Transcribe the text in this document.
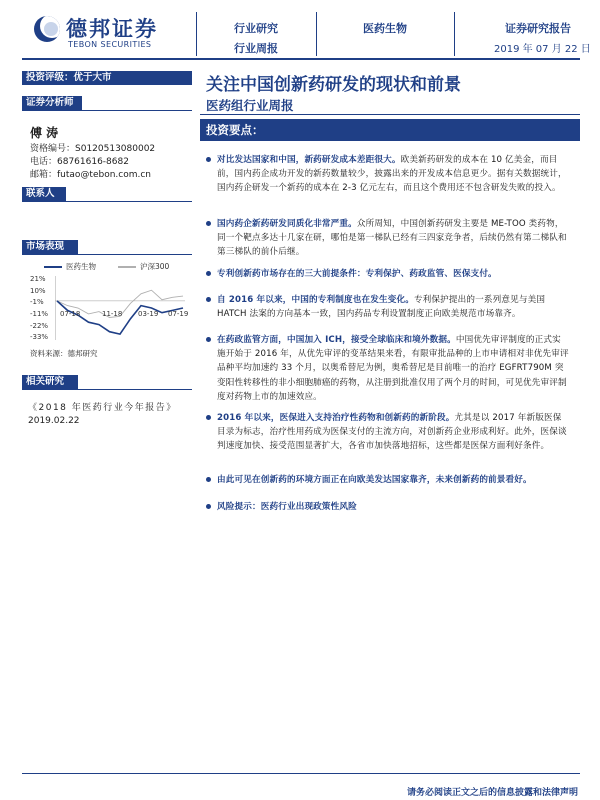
德邦证券
TEBON SECURITIES
行业研究
行业周报
医药生物	证券研究报告
2019 年 07 月 22 日
投资评级：优于大市
证券分析师
傅 涛
资格编号：S0120513080002
电话：68761616-8682
邮箱：futao@tebon.com.cn
联系人
市场表现
医药生物	沪深300
21%
10%
-1%
-11%
-22%
-33%
07-18	11-18 03-19 07-19
资料来源：德邦研究
相关研究
《2018 年医药行业今年报告》
2019.02.22
关注中国创新药研发的现状和前景
医药组行业周报
投资要点：
对比发达国家和中国，新药研发成本差距很大。欧美新药研发的成本在 10 亿美金，而目前，国内药企成功开发的新药数量较少，披露出来的开发成本信息更少。据有关数据统计，国内药企研发一个新药的成本在 2-3 亿元左右，而且这个费用还不包含研发失败的投入。
国内药企新药研发同质化非常严重。众所周知，中国创新药研发主要是 ME-TOO 类药物，同一个靶点多达十几家在研，哪怕是第一梯队已经有三四家竞争者，后续仍然有第二梯队和第三梯队的前仆后继。
专利创新药市场存在的三大前提条件：专利保护、药政监管、医保支付。
自 2016 年以来，中国的专利制度也在发生变化。专利保护提出的一系列意见与美国 HATCH 法案的方向基本一致，国内药品专利设置制度正向欧美规范市场靠齐。
在药政监管方面，中国加入 ICH，接受全球临床和境外数据。中国优先审评制度的正式实施开始于 2016 年，从优先审评的变革结果来看，有限审批品种的上市申请相对非优先审评品种平均加速约 33 个月，以奥希替尼为例，奥希替尼是目前唯一的治疗 EGFRT790M 突变阳性转移性的非小细胞肺癌的药物，从注册到批准仅用了两个月的时间，可见优先审评制度对药物上市的加速效应。
2016 年以来，医保进入支持治疗性药物和创新药的新阶段。尤其是以 2017 年新版医保目录为标志，治疗性用药成为医保支付的主流方向，对创新药企业形成利好。此外，医保谈判速度加快、接受范围显著扩大，各省市加快落地招标，这些都是医保方面利好条件。
由此可见在创新药的环境方面正在向欧美发达国家靠齐，未来创新药的前景看好。
风险提示：医药行业出现政策性风险
请务必阅读正文之后的信息披露和法律声明
